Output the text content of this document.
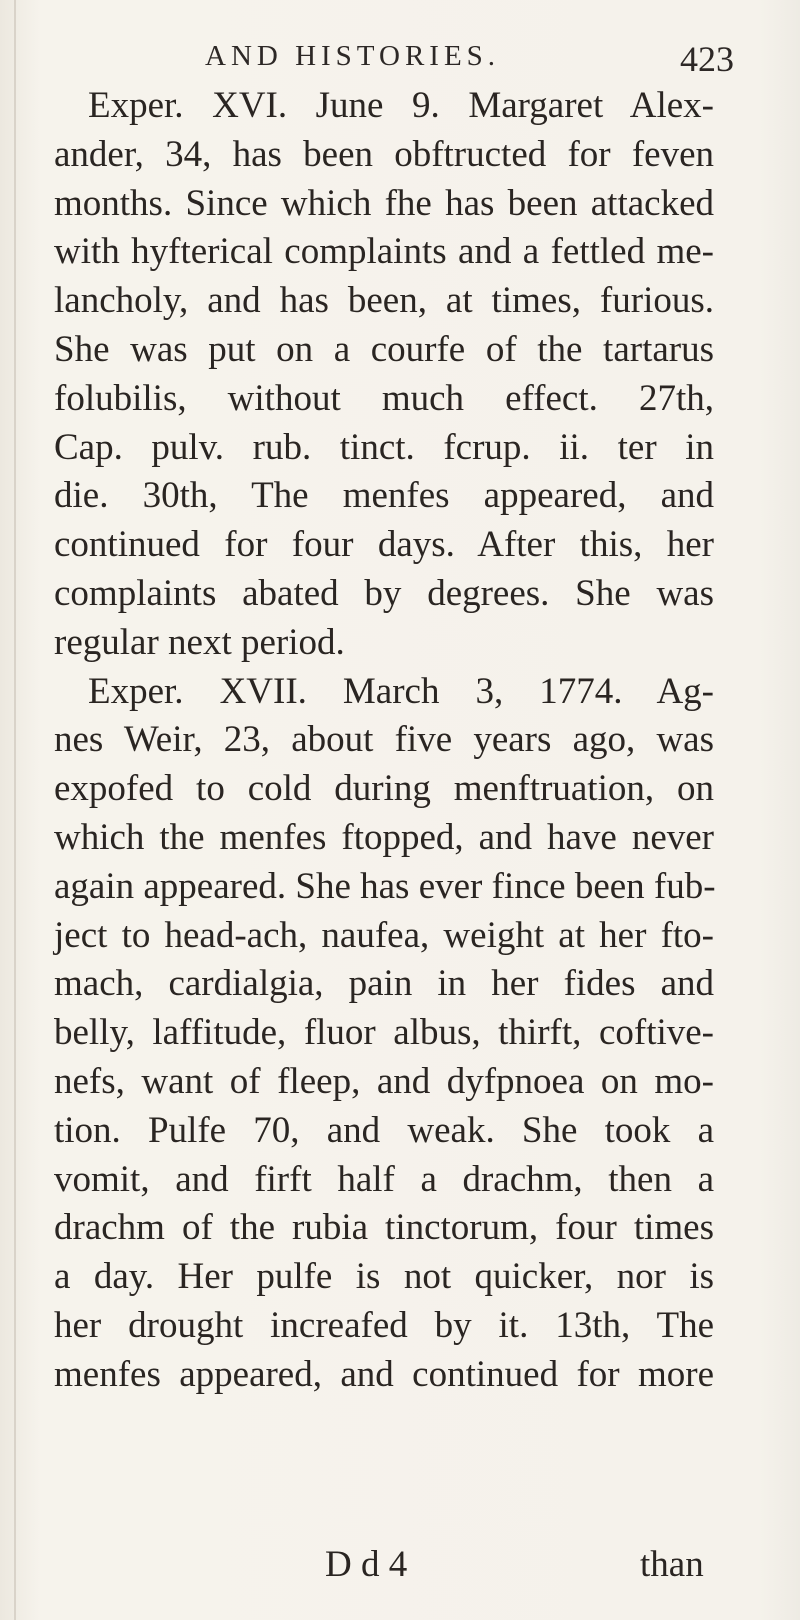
AND HISTORIES.	423
Exper. XVI. June 9. Margaret Alex-
ander, 34, has been obftructed for feven
months. Since which fhe has been attacked
with hyfterical complaints and a fettled me-
lancholy, and has been, at times, furious.
She was put on a courfe of the tartarus
folubilis, without much effect. 27th,
Cap. pulv. rub. tinct. fcrup. ii. ter in
die. 30th, The menfes appeared, and
continued for four days. After this, her
complaints abated by degrees. She was
regular next period.
Exper. XVII. March 3, 1774. Ag-
nes Weir, 23, about five years ago, was
expofed to cold during menftruation, on
which the menfes ftopped, and have never
again appeared. She has ever fince been fub-
ject to head-ach, naufea, weight at her fto-
mach, cardialgia, pain in her fides and
belly, laffitude, fluor albus, thirft, coftive-
nefs, want of fleep, and dyfpnoea on mo-
tion. Pulfe 70, and weak. She took a
vomit, and firft half a drachm, then a
drachm of the rubia tinctorum, four times
a day. Her pulfe is not quicker, nor is
her drought increafed by it. 13th, The
menfes appeared, and continued for more
D d 4	than
